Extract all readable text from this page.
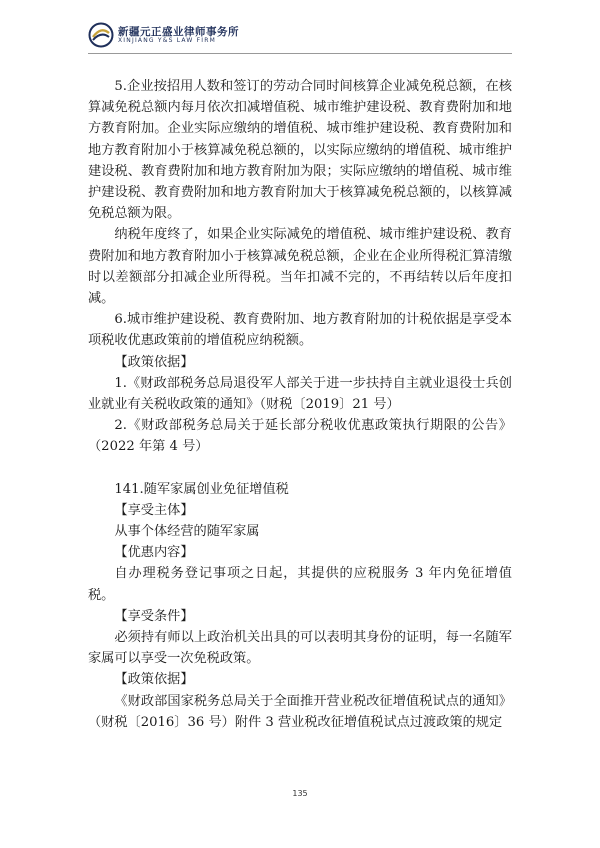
新疆元正盛业律师事务所
XINJIANG Y&S LAW FIRM

5.企业按招用人数和签订的劳动合同时间核算企业减免税总额，在核算减免税总额内每月依次扣减增值税、城市维护建设税、教育费附加和地方教育附加。企业实际应缴纳的增值税、城市维护建设税、教育费附加和地方教育附加小于核算减免税总额的，以实际应缴纳的增值税、城市维护建设税、教育费附加和地方教育附加为限；实际应缴纳的增值税、城市维护建设税、教育费附加和地方教育附加大于核算减免税总额的，以核算减免税总额为限。

纳税年度终了，如果企业实际减免的增值税、城市维护建设税、教育费附加和地方教育附加小于核算减免税总额，企业在企业所得税汇算清缴时以差额部分扣减企业所得税。当年扣减不完的，不再结转以后年度扣减。

6.城市维护建设税、教育费附加、地方教育附加的计税依据是享受本项税收优惠政策前的增值税应纳税额。

【政策依据】

1.《财政部税务总局退役军人部关于进一步扶持自主就业退役士兵创业就业有关税收政策的通知》（财税〔2019〕21 号）

2.《财政部税务总局关于延长部分税收优惠政策执行期限的公告》（2022 年第 4 号）

141.随军家属创业免征增值税

【享受主体】

从事个体经营的随军家属

【优惠内容】

自办理税务登记事项之日起，其提供的应税服务 3 年内免征增值税。

【享受条件】

必须持有师以上政治机关出具的可以表明其身份的证明，每一名随军家属可以享受一次免税政策。

【政策依据】

《财政部国家税务总局关于全面推开营业税改征增值税试点的通知》（财税〔2016〕36 号）附件 3 营业税改征增值税试点过渡政策的规定

135
